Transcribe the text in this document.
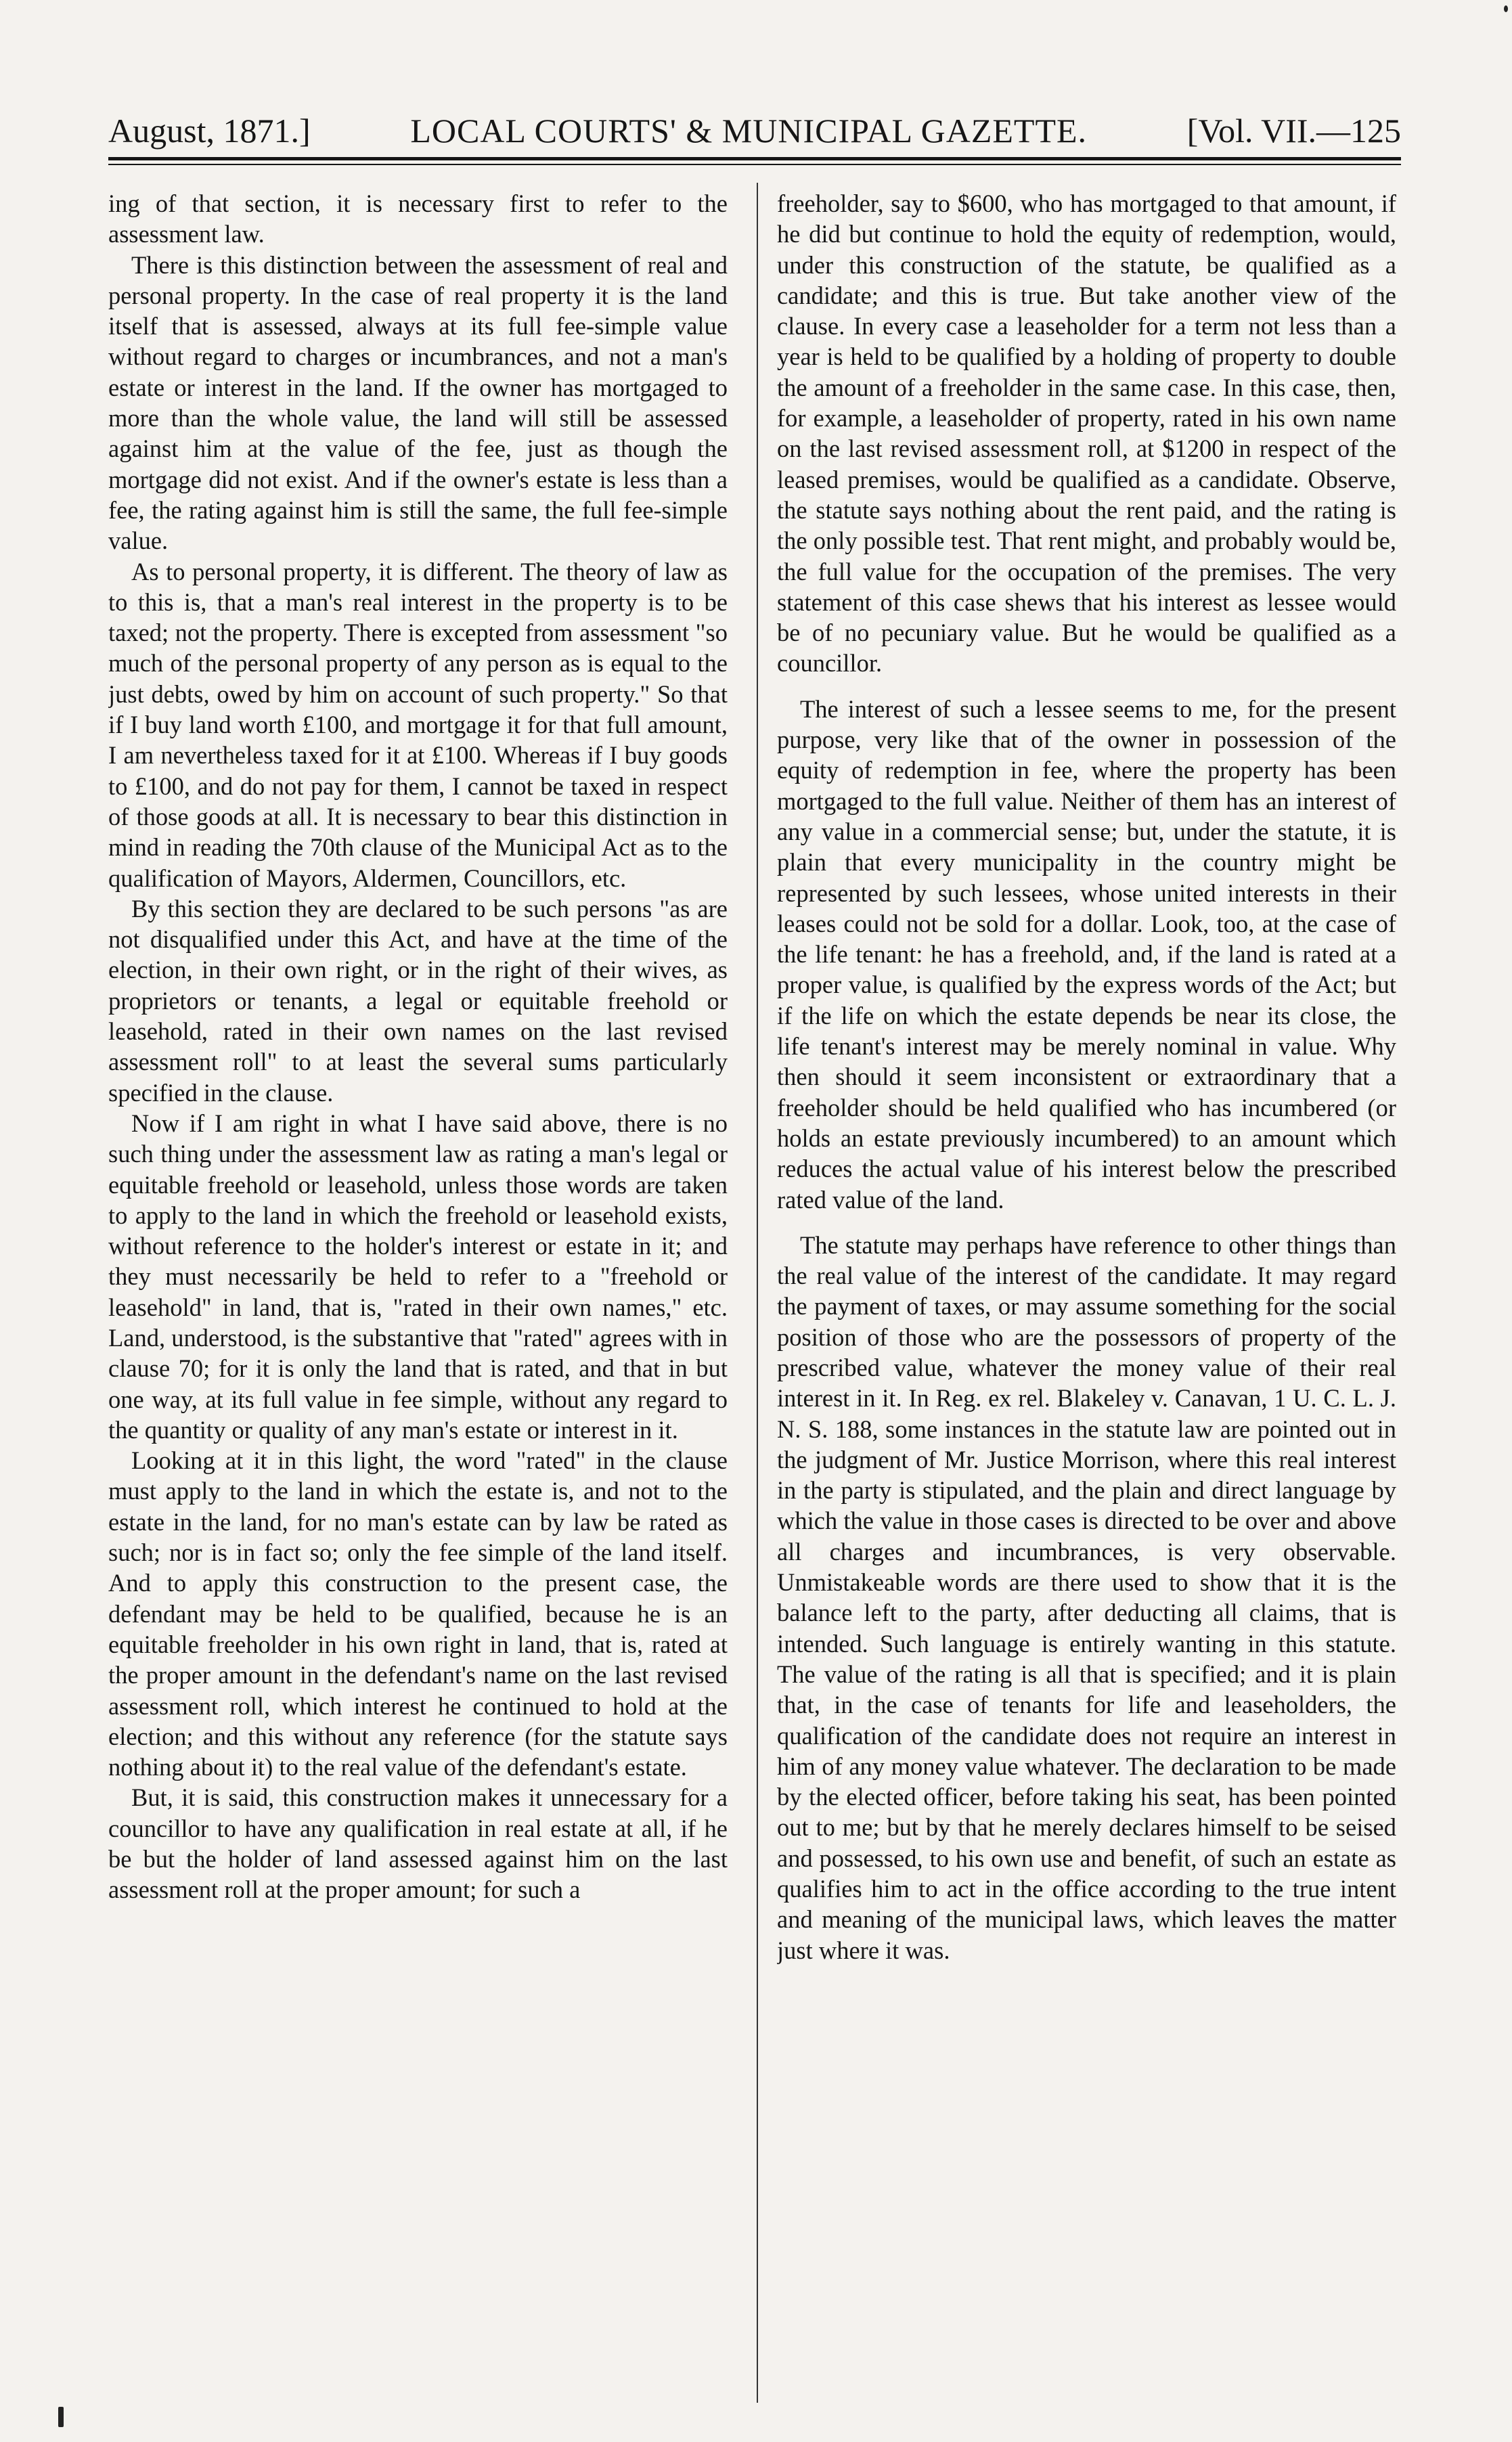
August, 1871.]	LOCAL COURTS' & MUNICIPAL GAZETTE.	[Vol. VII.—125

ing of that section, it is necessary first to refer to the assessment law.

There is this distinction between the assessment of real and personal property. In the case of real property it is the land itself that is assessed, always at its full fee-simple value without regard to charges or incumbrances, and not a man's estate or interest in the land. If the owner has mortgaged to more than the whole value, the land will still be assessed against him at the value of the fee, just as though the mortgage did not exist. And if the owner's estate is less than a fee, the rating against him is still the same, the full fee-simple value.

As to personal property, it is different. The theory of law as to this is, that a man's real interest in the property is to be taxed; not the property. There is excepted from assessment "so much of the personal property of any person as is equal to the just debts, owed by him on account of such property." So that if I buy land worth £100, and mortgage it for that full amount, I am nevertheless taxed for it at £100. Whereas if I buy goods to £100, and do not pay for them, I cannot be taxed in respect of those goods at all. It is necessary to bear this distinction in mind in reading the 70th clause of the Municipal Act as to the qualification of Mayors, Aldermen, Councillors, etc.

By this section they are declared to be such persons "as are not disqualified under this Act, and have at the time of the election, in their own right, or in the right of their wives, as proprietors or tenants, a legal or equitable freehold or leasehold, rated in their own names on the last revised assessment roll" to at least the several sums particularly specified in the clause.

Now if I am right in what I have said above, there is no such thing under the assessment law as rating a man's legal or equitable freehold or leasehold, unless those words are taken to apply to the land in which the freehold or leasehold exists, without reference to the holder's interest or estate in it; and they must necessarily be held to refer to a "freehold or leasehold" in land, that is, "rated in their own names," etc. Land, understood, is the substantive that "rated" agrees with in clause 70; for it is only the land that is rated, and that in but one way, at its full value in fee simple, without any regard to the quantity or quality of any man's estate or interest in it.

Looking at it in this light, the word "rated" in the clause must apply to the land in which the estate is, and not to the estate in the land, for no man's estate can by law be rated as such; nor is in fact so; only the fee simple of the land itself. And to apply this construction to the present case, the defendant may be held to be qualified, because he is an equitable freeholder in his own right in land, that is, rated at the proper amount in the defendant's name on the last revised assessment roll, which interest he continued to hold at the election; and this without any reference (for the statute says nothing about it) to the real value of the defendant's estate.

But, it is said, this construction makes it unnecessary for a councillor to have any qualification in real estate at all, if he be but the holder of land assessed against him on the last assessment roll at the proper amount; for such a

freeholder, say to $600, who has mortgaged to that amount, if he did but continue to hold the equity of redemption, would, under this construction of the statute, be qualified as a candidate; and this is true. But take another view of the clause. In every case a leaseholder for a term not less than a year is held to be qualified by a holding of property to double the amount of a freeholder in the same case. In this case, then, for example, a leaseholder of property, rated in his own name on the last revised assessment roll, at $1200 in respect of the leased premises, would be qualified as a candidate. Observe, the statute says nothing about the rent paid, and the rating is the only possible test. That rent might, and probably would be, the full value for the occupation of the premises. The very statement of this case shews that his interest as lessee would be of no pecuniary value. But he would be qualified as a councillor.

The interest of such a lessee seems to me, for the present purpose, very like that of the owner in possession of the equity of redemption in fee, where the property has been mortgaged to the full value. Neither of them has an interest of any value in a commercial sense; but, under the statute, it is plain that every municipality in the country might be represented by such lessees, whose united interests in their leases could not be sold for a dollar. Look, too, at the case of the life tenant: he has a freehold, and, if the land is rated at a proper value, is qualified by the express words of the Act; but if the life on which the estate depends be near its close, the life tenant's interest may be merely nominal in value. Why then should it seem inconsistent or extraordinary that a freeholder should be held qualified who has incumbered (or holds an estate previously incumbered) to an amount which reduces the actual value of his interest below the prescribed rated value of the land.

The statute may perhaps have reference to other things than the real value of the interest of the candidate. It may regard the payment of taxes, or may assume something for the social position of those who are the possessors of property of the prescribed value, whatever the money value of their real interest in it. In Reg. ex rel. Blakeley v. Canavan, 1 U. C. L. J. N. S. 188, some instances in the statute law are pointed out in the judgment of Mr. Justice Morrison, where this real interest in the party is stipulated, and the plain and direct language by which the value in those cases is directed to be over and above all charges and incumbrances, is very observable. Unmistakeable words are there used to show that it is the balance left to the party, after deducting all claims, that is intended. Such language is entirely wanting in this statute. The value of the rating is all that is specified; and it is plain that, in the case of tenants for life and leaseholders, the qualification of the candidate does not require an interest in him of any money value whatever. The declaration to be made by the elected officer, before taking his seat, has been pointed out to me; but by that he merely declares himself to be seised and possessed, to his own use and benefit, of such an estate as qualifies him to act in the office according to the true intent and meaning of the municipal laws, which leaves the matter just where it was.
